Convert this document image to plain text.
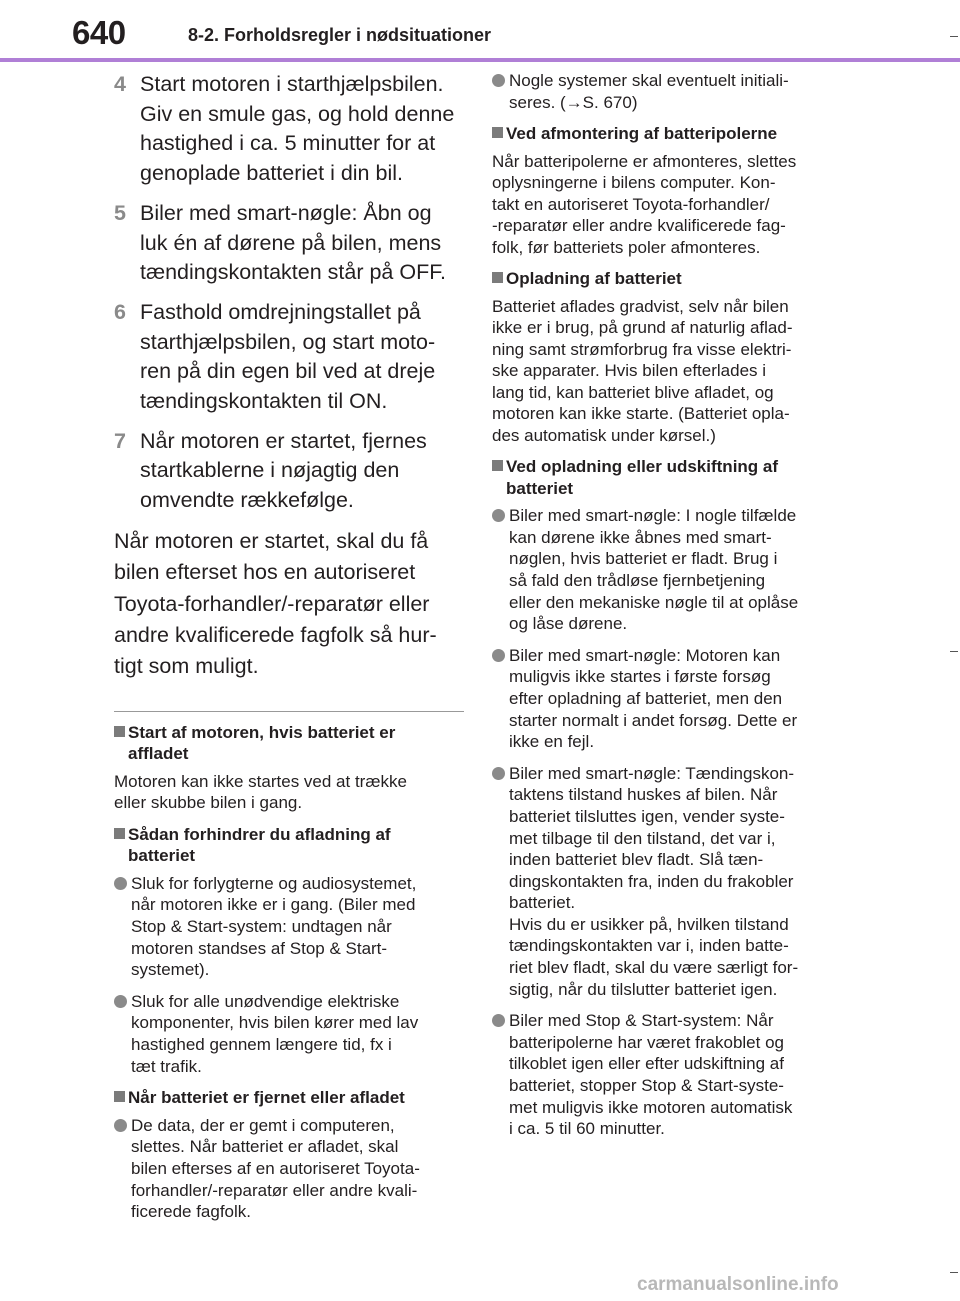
640	8-2. Forholdsregler i nødsituationer
4 Start motoren i starthjælpsbilen.
Giv en smule gas, og hold denne
hastighed i ca. 5 minutter for at
genoplade batteriet i din bil.
5 Biler med smart-nøgle: Åbn og
luk én af dørene på bilen, mens
tændingskontakten står på OFF.
6 Fasthold omdrejningstallet på
starthjælpsbilen, og start moto-
ren på din egen bil ved at dreje
tændingskontakten til ON.
7 Når motoren er startet, fjernes
startkablerne i nøjagtig den
omvendte rækkefølge.
Når motoren er startet, skal du få
bilen efterset hos en autoriseret
Toyota-forhandler/-reparatør eller
andre kvalificerede fagfolk så hur-
tigt som muligt.
Start af motoren, hvis batteriet er
affladet
Motoren kan ikke startes ved at trække
eller skubbe bilen i gang.
Sådan forhindrer du afladning af
batteriet
Sluk for forlygterne og audiosystemet,
når motoren ikke er i gang. (Biler med
Stop & Start-system: undtagen når
motoren standses af Stop & Start-
systemet).
Sluk for alle unødvendige elektriske
komponenter, hvis bilen kører med lav
hastighed gennem længere tid, fx i
tæt trafik.
Når batteriet er fjernet eller afladet
De data, der er gemt i computeren,
slettes. Når batteriet er afladet, skal
bilen efterses af en autoriseret Toyota-
forhandler/-reparatør eller andre kvali-
ficerede fagfolk.
Nogle systemer skal eventuelt initiali-
seres. (→S. 670)
Ved afmontering af batteripolerne
Når batteripolerne er afmonteres, slettes
oplysningerne i bilens computer. Kon-
takt en autoriseret Toyota-forhandler/
-reparatør eller andre kvalificerede fag-
folk, før batteriets poler afmonteres.
Opladning af batteriet
Batteriet aflades gradvist, selv når bilen
ikke er i brug, på grund af naturlig aflad-
ning samt strømforbrug fra visse elektri-
ske apparater. Hvis bilen efterlades i
lang tid, kan batteriet blive afladet, og
motoren kan ikke starte. (Batteriet opla-
des automatisk under kørsel.)
Ved opladning eller udskiftning af
batteriet
Biler med smart-nøgle: I nogle tilfælde
kan dørene ikke åbnes med smart-
nøglen, hvis batteriet er fladt. Brug i
så fald den trådløse fjernbetjening
eller den mekaniske nøgle til at oplåse
og låse dørene.
Biler med smart-nøgle: Motoren kan
muligvis ikke startes i første forsøg
efter opladning af batteriet, men den
starter normalt i andet forsøg. Dette er
ikke en fejl.
Biler med smart-nøgle: Tændingskon-
taktens tilstand huskes af bilen. Når
batteriet tilsluttes igen, vender syste-
met tilbage til den tilstand, det var i,
inden batteriet blev fladt. Slå tæn-
dingskontakten fra, inden du frakobler
batteriet.
Hvis du er usikker på, hvilken tilstand
tændingskontakten var i, inden batte-
riet blev fladt, skal du være særligt for-
sigtig, når du tilslutter batteriet igen.
Biler med Stop & Start-system: Når
batteripolerne har været frakoblet og
tilkoblet igen eller efter udskiftning af
batteriet, stopper Stop & Start-syste-
met muligvis ikke motoren automatisk
i ca. 5 til 60 minutter.
carmanualsonline.info
